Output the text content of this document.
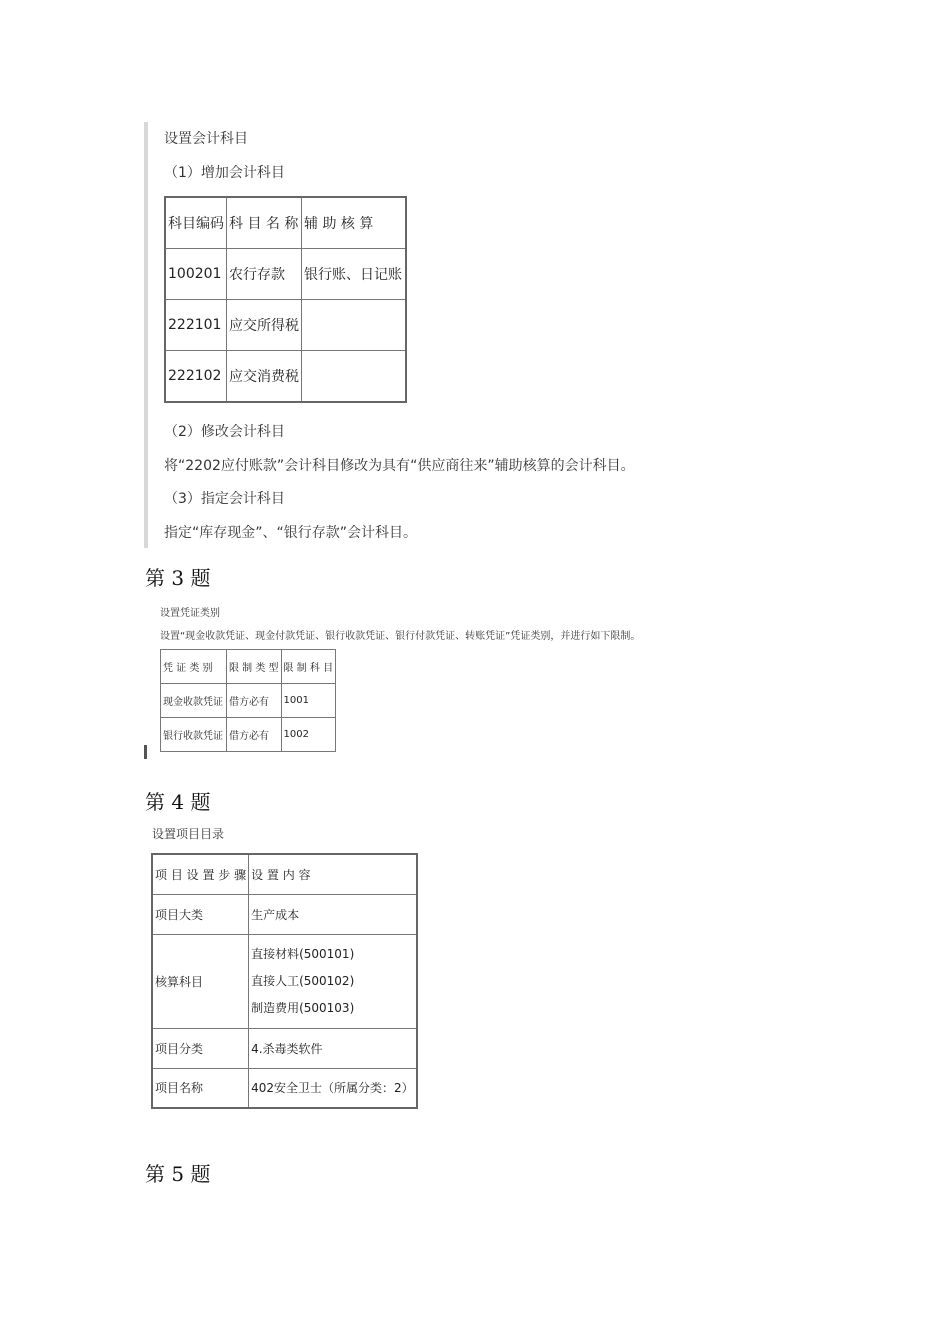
设置会计科目
（1）增加会计科目
科目编码	科 目 名 称	辅 助 核 算
100201	农行存款	银行账、日记账
222101	应交所得税	
222102	应交消费税	
（2）修改会计科目
将“2202应付账款”会计科目修改为具有“供应商往来”辅助核算的会计科目。
（3）指定会计科目
指定“库存现金”、“银行存款”会计科目。
第 3 题
设置凭证类别
设置“现金收款凭证、现金付款凭证、银行收款凭证、银行付款凭证、转账凭证”凭证类别，并进行如下限制。
凭 证 类 别	限 制 类 型	限 制 科 目
现金收款凭证	借方必有	1001
银行收款凭证	借方必有	1002
第 4 题
设置项目目录
项 目 设 置 步 骤	设 置 内 容
项目大类	生产成本
核算科目	直接材料(500101)
直接人工(500102)
制造费用(500103)

项目分类	4.杀毒类软件
项目名称	402安全卫士（所属分类：2）
第 5 题
